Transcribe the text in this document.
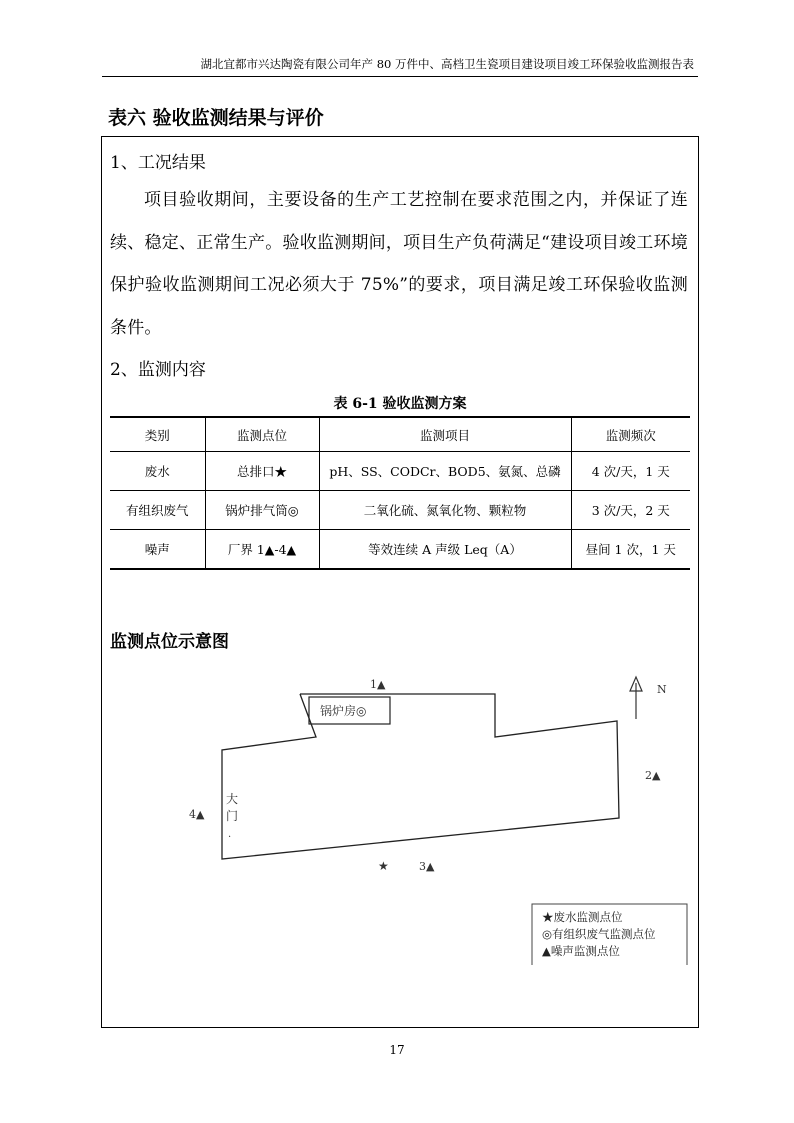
湖北宜都市兴达陶瓷有限公司年产 80 万件中、高档卫生瓷项目建设项目竣工环保验收监测报告表
表六 验收监测结果与评价
1、工况结果
项目验收期间，主要设备的生产工艺控制在要求范围之内，并保证了连续、稳定、正常生产。验收监测期间，项目生产负荷满足“建设项目竣工环境保护验收监测期间工况必须大于 75%”的要求，项目满足竣工环保验收监测条件。
2、监测内容
表 6-1 验收监测方案
类别	监测点位	监测项目	监测频次
废水	总排口★	pH、SS、CODCr、BOD5、氨氮、总磷	4 次/天，1 天
有组织废气	锅炉排气筒◎	二氧化硫、氮氧化物、颗粒物	3 次/天，2 天
噪声	厂界 1▲-4▲	等效连续 A 声级 Leq（A）	昼间 1 次，1 天
监测点位示意图
锅炉房◎
大
门
.
1▲
2▲
3▲
4▲
★
N
★废水监测点位
◎有组织废气监测点位
▲噪声监测点位
17
